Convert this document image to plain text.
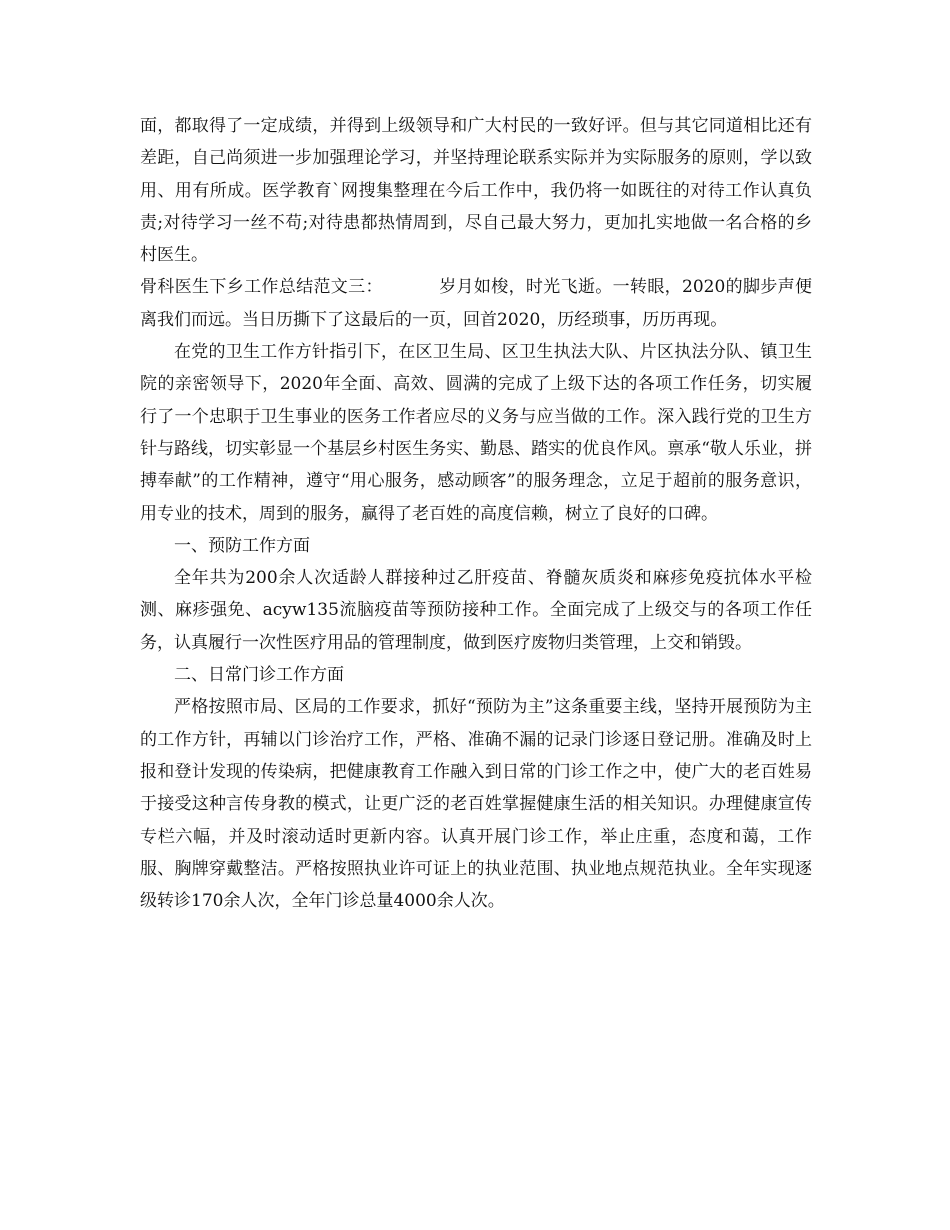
面，都取得了一定成绩，并得到上级领导和广大村民的一致好评。但与其它同道相比还有差距，自己尚须进一步加强理论学习，并坚持理论联系实际并为实际服务的原则，学以致用、用有所成。医学教育`网搜集整理在今后工作中，我仍将一如既往的对待工作认真负责;对待学习一丝不苟;对待患都热情周到，尽自己最大努力，更加扎实地做一名合格的乡村医生。

骨科医生下乡工作总结范文三：	岁月如梭，时光飞逝。一转眼，2020的脚步声便离我们而远。当日历撕下了这最后的一页，回首2020，历经琐事，历历再现。

在党的卫生工作方针指引下，在区卫生局、区卫生执法大队、片区执法分队、镇卫生院的亲密领导下，2020年全面、高效、圆满的完成了上级下达的各项工作任务，切实履行了一个忠职于卫生事业的医务工作者应尽的义务与应当做的工作。深入践行党的卫生方针与路线，切实彰显一个基层乡村医生务实、勤恳、踏实的优良作风。禀承“敬人乐业，拼搏奉献”的工作精神，遵守“用心服务，感动顾客”的服务理念，立足于超前的服务意识，用专业的技术，周到的服务，赢得了老百姓的高度信赖，树立了良好的口碑。

一、预防工作方面

全年共为200余人次适龄人群接种过乙肝疫苗、脊髓灰质炎和麻疹免疫抗体水平检测、麻疹强免、acyw135流脑疫苗等预防接种工作。全面完成了上级交与的各项工作任务，认真履行一次性医疗用品的管理制度，做到医疗废物归类管理，上交和销毁。

二、日常门诊工作方面

严格按照市局、区局的工作要求，抓好“预防为主”这条重要主线，坚持开展预防为主的工作方针，再辅以门诊治疗工作，严格、准确不漏的记录门诊逐日登记册。准确及时上报和登计发现的传染病，把健康教育工作融入到日常的门诊工作之中，使广大的老百姓易于接受这种言传身教的模式，让更广泛的老百姓掌握健康生活的相关知识。办理健康宣传专栏六幅，并及时滚动适时更新内容。认真开展门诊工作，举止庄重，态度和蔼，工作服、胸牌穿戴整洁。严格按照执业许可证上的执业范围、执业地点规范执业。全年实现逐级转诊170余人次，全年门诊总量4000余人次。
